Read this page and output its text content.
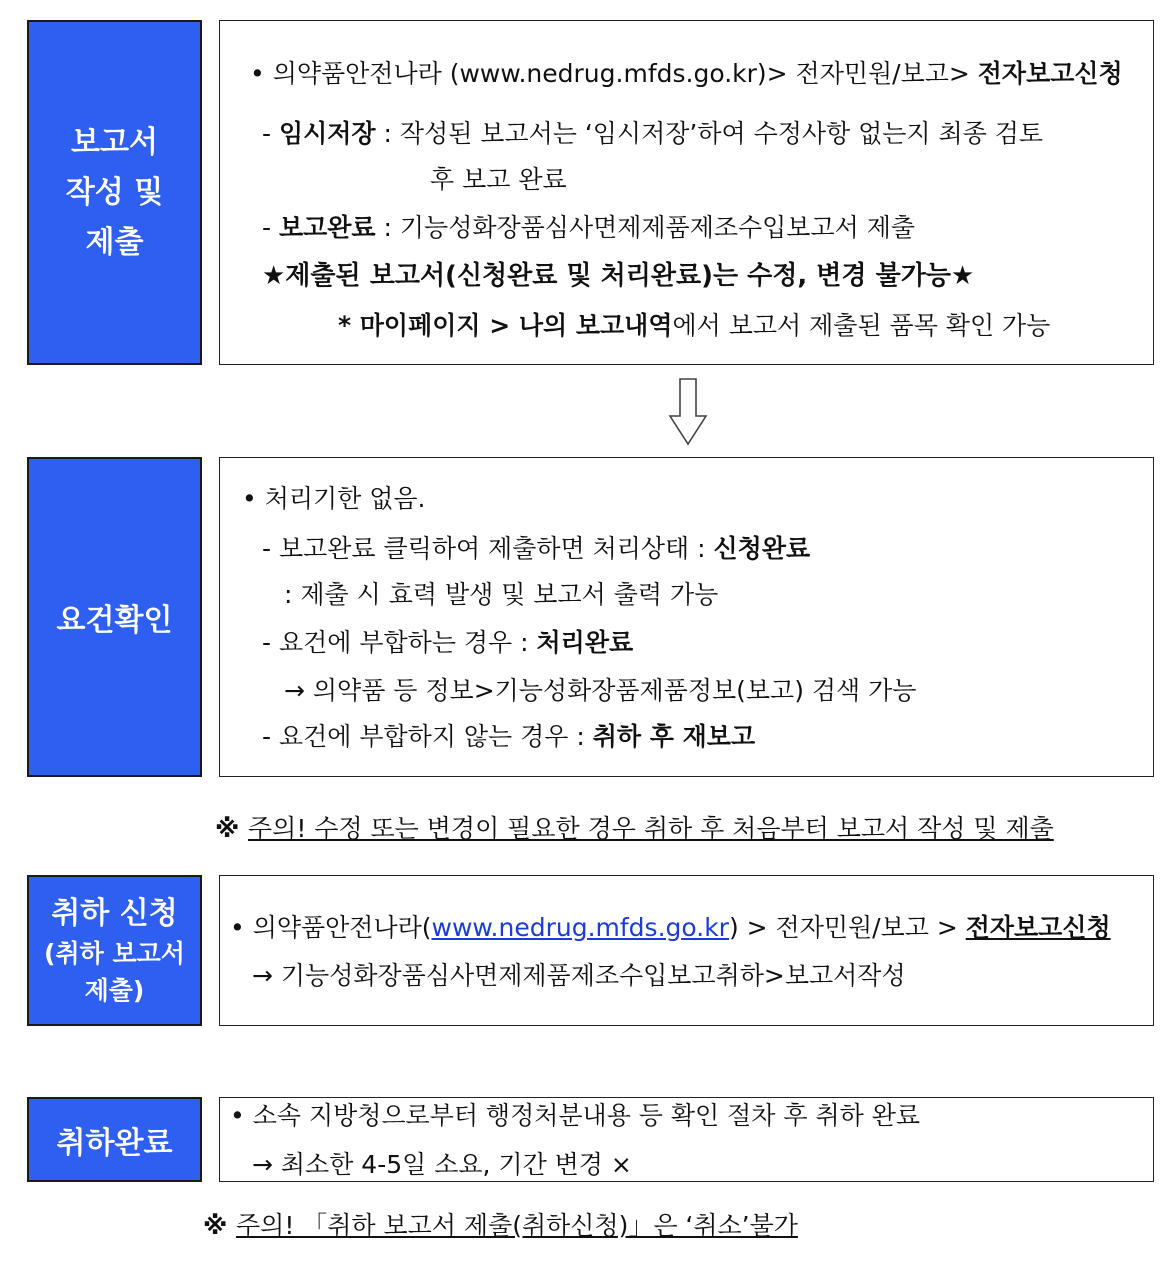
보고서
작성 및
제출
• 의약품안전나라 (www.nedrug.mfds.go.kr)> 전자민원/보고> 전자보고신청
- 임시저장 : 작성된 보고서는 ‘임시저장’하여 수정사항 없는지 최종 검토
후 보고 완료
- 보고완료 : 기능성화장품심사면제제품제조수입보고서 제출
★제출된 보고서(신청완료 및 처리완료)는 수정, 변경 불가능★
* 마이페이지 > 나의 보고내역에서 보고서 제출된 품목 확인 가능
요건확인
• 처리기한 없음.
- 보고완료 클릭하여 제출하면 처리상태 : 신청완료
: 제출 시 효력 발생 및 보고서 출력 가능
- 요건에 부합하는 경우 : 처리완료
→ 의약품 등 정보>기능성화장품제품정보(보고) 검색 가능
- 요건에 부합하지 않는 경우 : 취하 후 재보고
※ 주의! 수정 또는 변경이 필요한 경우 취하 후 처음부터 보고서 작성 및 제출
취하 신청
(취하 보고서
제출)
• 의약품안전나라(www.nedrug.mfds.go.kr) > 전자민원/보고 > 전자보고신청
→ 기능성화장품심사면제제품제조수입보고취하>보고서작성
취하완료
• 소속 지방청으로부터 행정처분내용 등 확인 절차 후 취하 완료
→ 최소한 4-5일 소요, 기간 변경 ×
※ 주의! 「취하 보고서 제출(취하신청)」은 ‘취소’불가
